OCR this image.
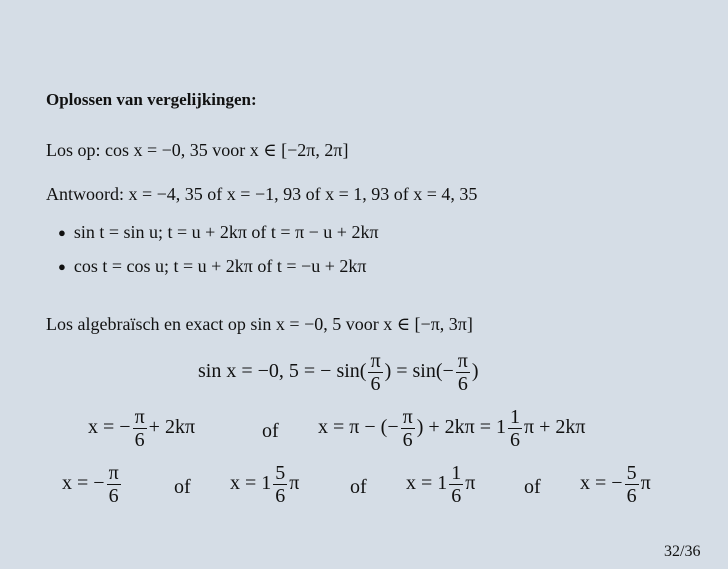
Oplossen van vergelijkingen:
Los op: cos x = −0, 35 voor x ∈ [−2π, 2π]
Antwoord: x = −4, 35 of x = −1, 93 of x = 1, 93 of x = 4, 35
● sin t = sin u; t = u + 2kπ of t = π − u + 2kπ
● cos t = cos u; t = u + 2kπ of t = −u + 2kπ
Los algebraïsch en exact op sin x = −0, 5 voor x ∈ [−π, 3π]
sin x = −0, 5 = − $\sin( \frac{\pi}{6}$ ) = $\sin(- \frac{\pi}{6}$ )
x = − $\frac{\pi}{6} + 2k\pi$	of x = π − (− $\frac{\pi}{6}$ ) + $2k\pi = 1 \frac{1}{6}$ π + 2kπ
x = − $\frac{\pi}{6}$	of $x = 1 \frac{5}{6}$ π	of $x = 1 \frac{1}{6}$ π of x = − $\frac{5}{6}$ π
32/36
